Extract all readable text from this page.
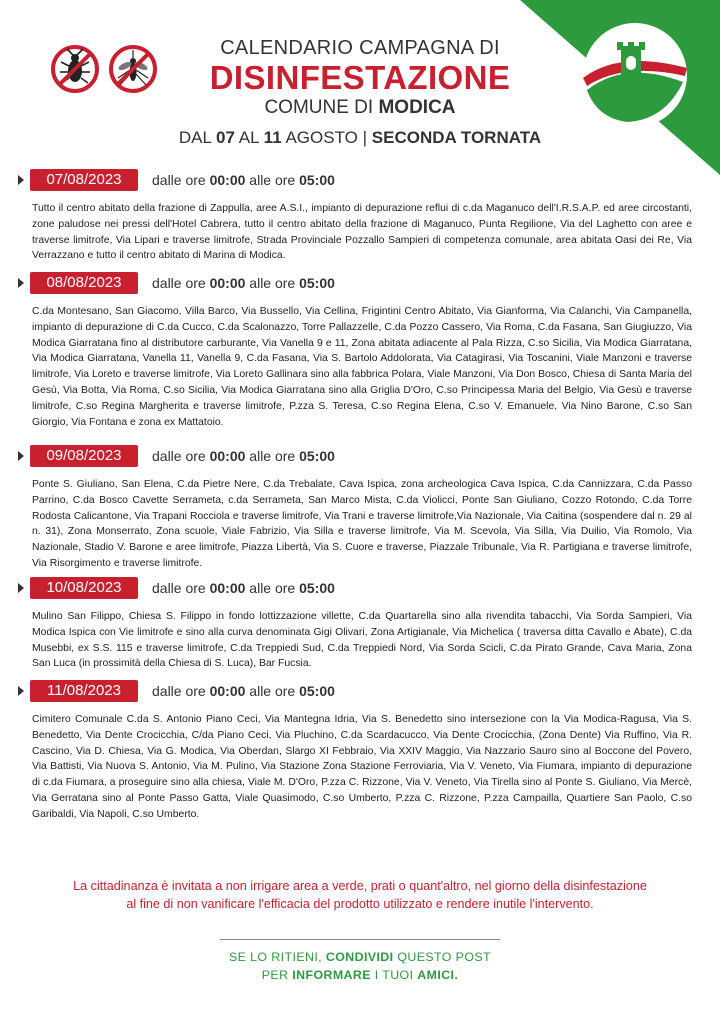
CALENDARIO CAMPAGNA DI
DISINFESTAZIONE
COMUNE DI MODICA
DAL 07 AL 11 AGOSTO | SECONDA TORNATA
07/08/2023	dalle ore 00:00 alle ore 05:00
Tutto il centro abitato della frazione di Zappulla, aree A.S.I., impianto di depurazione reflui di c.da Maganuco dell'I.R.S.A.P. ed aree circostanti, zone paludose nei pressi dell'Hotel Cabrera, tutto il centro abitato della frazione di Maganuco, Punta Regilione, Via del Laghetto con aree e traverse limitrofe, Via Lipari e traverse limitrofe, Strada Provinciale Pozzallo Sampieri di competenza comunale, area abitata Oasi dei Re, Via Verrazzano e tutto il centro abitato di Marina di Modica.
08/08/2023	dalle ore 00:00 alle ore 05:00
C.da Montesano, San Giacomo, Villa Barco, Via Bussello, Via Cellina, Frigintini Centro Abitato, Via Gianforma, Via Calanchi, Via Campanella, impianto di depurazione di C.da Cucco, C.da Scalonazzo, Torre Pallazzelle, C.da Pozzo Cassero, Via Roma, C.da Fasana, San Giugiuzzo, Via Modica Giarratana fino al distributore carburante, Via Vanella 9 e 11, Zona abitata adiacente al Pala Rizza, C.so Sicilia, Via Modica Giarratana, Via Modica Giarratana, Vanella 11, Vanella 9, C.da Fasana, Via S. Bartolo Addolorata, Via Catagirasi, Via Toscanini, Viale Manzoni e traverse limitrofe, Via Loreto e traverse limitrofe, Via Loreto Gallinara sino alla fabbrica Polara, Viale Manzoni, Via Don Bosco, Chiesa di Santa Maria del Gesù, Via Botta, Via Roma, C.so Sicilia, Via Modica Giarratana sino alla Griglia D'Oro, C.so Principessa Maria del Belgio, Via Gesù e traverse limitrofe, C.so Regina Margherita e traverse limitrofe, P.zza S. Teresa, C.so Regina Elena, C.so V. Emanuele, Via Nino Barone, C.so San Giorgio, Via Fontana e zona ex Mattatoio.
09/08/2023	dalle ore 00:00 alle ore 05:00
Ponte S. Giuliano, San Elena, C.da Pietre Nere, C.da Trebalate, Cava Ispica, zona archeologica Cava Ispica, C.da Cannizzara, C.da Passo Parrino, C.da Bosco Cavette Serrameta, c.da Serrameta, San Marco Mista, C.da Violicci, Ponte San Giuliano, Cozzo Rotondo, C.da Torre Rodosta Calicantone, Via Trapani Rocciola e traverse limitrofe, Via Trani e traverse limitrofe,Via Nazionale, Via Caitina (sospendere dal n. 29 al n. 31), Zona Monserrato, Zona scuole, Viale Fabrizio, Via Silla e traverse limitrofe, Via M. Scevola, Via Silla, Via Duilio, Via Romolo, Via Nazionale, Stadio V. Barone e aree limitrofe, Piazza Libertà, Via S. Cuore e traverse, Piazzale Tribunale, Via R. Partigiana e traverse limitrofe, Via Risorgimento e traverse limitrofe.
10/08/2023	dalle ore 00:00 alle ore 05:00
Mulino San Filippo, Chiesa S. Filippo in fondo lottizzazione villette, C.da Quartarella sino alla rivendita tabacchi, Via Sorda Sampieri, Via Modica Ispica con Vie limitrofe e sino alla curva denominata Gigi Olivari, Zona Artigianale, Via Michelica ( traversa ditta Cavallo e Abate), C.da Musebbi, ex S.S. 115 e traverse limitrofe, C.da Treppiedi Sud, C.da Treppiedi Nord, Via Sorda Scicli, C.da Pirato Grande, Cava Maria, Zona San Luca (in prossimità della Chiesa di S. Luca), Bar Fucsia.
11/08/2023	dalle ore 00:00 alle ore 05:00
Cimitero Comunale C.da S. Antonio Piano Ceci, Via Mantegna Idria, Via S. Benedetto sino intersezione con la Via Modica-Ragusa, Via S. Benedetto, Via Dente Crocicchia, C/da Piano Ceci, Via Pluchino, C.da Scardacucco, Via Dente Crocicchia, (Zona Dente) Via Ruffino, Via R. Cascino, Via D. Chiesa, Via G. Modica, Via Oberdan, Slargo XI Febbraio, Via XXIV Maggio, Via Nazzario Sauro sino al Boccone del Povero, Via Battisti, Via Nuova S. Antonio, Via M. Pulino, Via Stazione Zona Stazione Ferroviaria, Via V. Veneto, Via Fiumara, impianto di depurazione di c.da Fiumara, a proseguire sino alla chiesa, Viale M. D'Oro, P.zza C. Rizzone, Via V. Veneto, Via Tirella sino al Ponte S. Giuliano, Via Mercè, Via Gerratana sino al Ponte Passo Gatta, Viale Quasimodo, C.so Umberto, P.zza C. Rizzone, P.zza Campailla, Quartiere San Paolo, C.so Garibaldi, Via Napoli, C.so Umberto.
La cittadinanza è invitata a non irrigare area a verde, prati o quant'altro, nel giorno della disinfestazione
al fine di non vanificare l'efficacia del prodotto utilizzato e rendere inutile l'intervento.
SE LO RITIENI, CONDIVIDI QUESTO POST
PER INFORMARE I TUOI AMICI.
